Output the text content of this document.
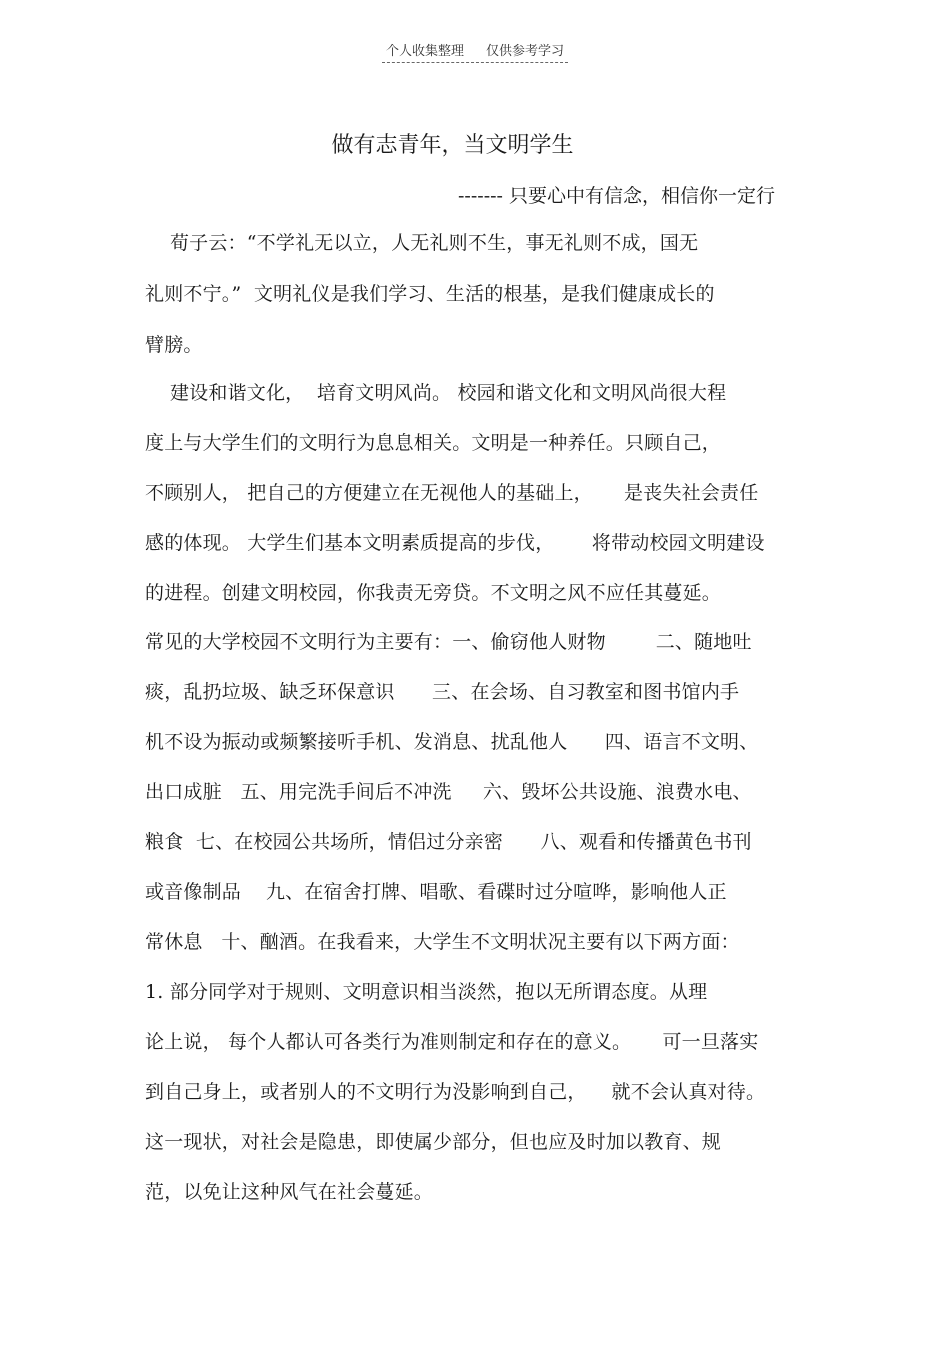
个人收集整理 仅供参考学习
做有志青年，当文明学生
------- 只要心中有信念，相信你一定行
荀子云：“不学礼无以立，人无礼则不生，事无礼则不成，国无
礼则不宁。”  文明礼仪是我们学习、生活的根基，是我们健康成长的
臂膀。
建设和谐文化，  培育文明风尚。 校园和谐文化和文明风尚很大程
度上与大学生们的文明行为息息相关。文明是一种养任。只顾自己，
不顾别人， 把自己的方便建立在无视他人的基础上，     是丧失社会责任
感的体现。 大学生们基本文明素质提高的步伐，      将带动校园文明建设
的进程。创建文明校园，你我责无旁贷。不文明之风不应任其蔓延。
常见的大学校园不文明行为主要有：一、偷窃他人财物        二、随地吐
痰，乱扔垃圾、缺乏环保意识      三、在会场、自习教室和图书馆内手
机不设为振动或频繁接听手机、发消息、扰乱他人      四、语言不文明、
出口成脏   五、用完洗手间后不冲洗     六、毁坏公共设施、浪费水电、
粮食  七、在校园公共场所，情侣过分亲密      八、观看和传播黄色书刊
或音像制品    九、在宿舍打牌、唱歌、看碟时过分喧哗，影响他人正
常休息   十、酗酒。在我看来，大学生不文明状况主要有以下两方面：
1. 部分同学对于规则、文明意识相当淡然，抱以无所谓态度。从理
论上说， 每个人都认可各类行为准则制定和存在的意义。     可一旦落实
到自己身上，或者别人的不文明行为没影响到自己，    就不会认真对待。
这一现状，对社会是隐患，即使属少部分，但也应及时加以教育、规
范，以免让这种风气在社会蔓延。
